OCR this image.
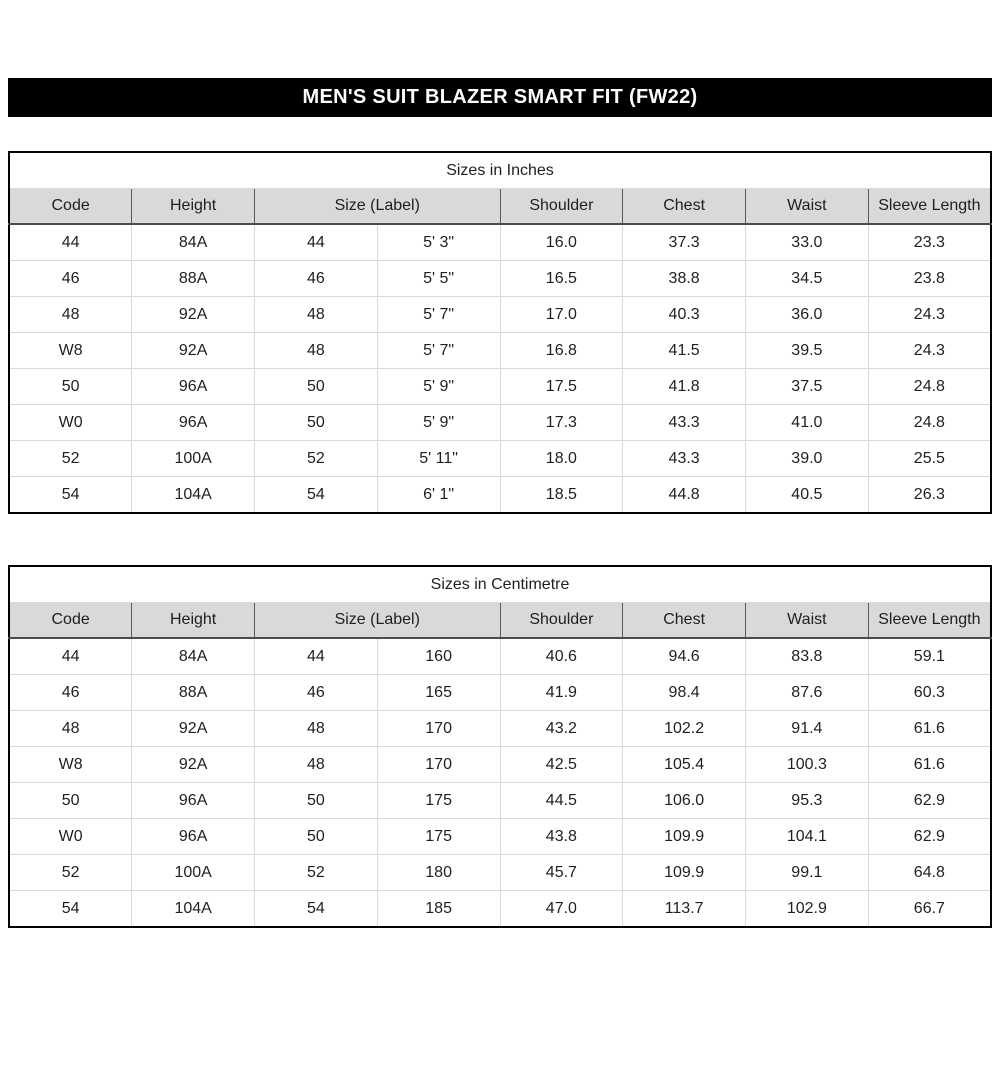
MEN'S SUIT BLAZER SMART FIT (FW22)
Sizes in Inches							
Code	Height	Size (Label)		Shoulder	Chest	Waist	Sleeve Length
44	84A	44	5' 3"	16.0	37.3	33.0	23.3
46	88A	46	5' 5"	16.5	38.8	34.5	23.8
48	92A	48	5' 7"	17.0	40.3	36.0	24.3
W8	92A	48	5' 7"	16.8	41.5	39.5	24.3
50	96A	50	5' 9"	17.5	41.8	37.5	24.8
W0	96A	50	5' 9"	17.3	43.3	41.0	24.8
52	100A	52	5' 11"	18.0	43.3	39.0	25.5
54	104A	54	6' 1"	18.5	44.8	40.5	26.3
Sizes in Centimetre							
Code	Height	Size (Label)		Shoulder	Chest	Waist	Sleeve Length
44	84A	44	160	40.6	94.6	83.8	59.1
46	88A	46	165	41.9	98.4	87.6	60.3
48	92A	48	170	43.2	102.2	91.4	61.6
W8	92A	48	170	42.5	105.4	100.3	61.6
50	96A	50	175	44.5	106.0	95.3	62.9
W0	96A	50	175	43.8	109.9	104.1	62.9
52	100A	52	180	45.7	109.9	99.1	64.8
54	104A	54	185	47.0	113.7	102.9	66.7
